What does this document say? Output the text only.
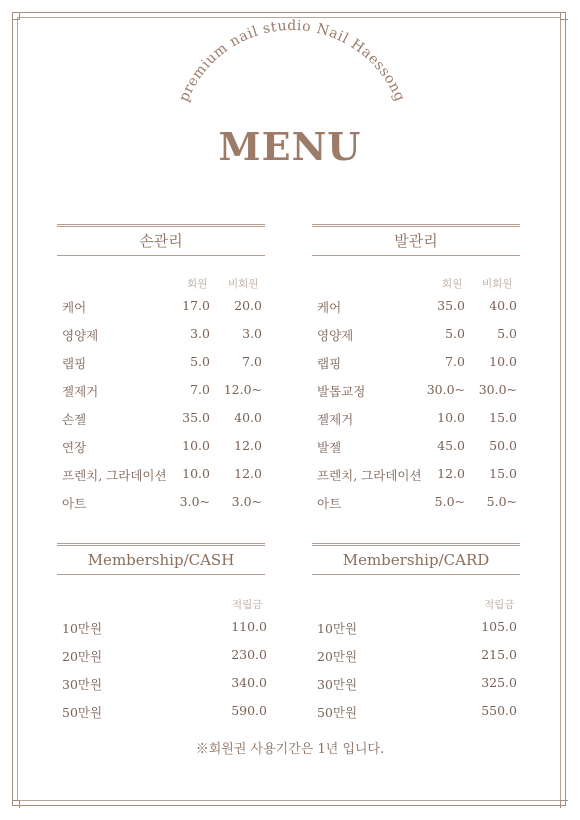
premium nail studio Nail Haessong
MENU
손관리
회원 비회원
케어	17.0 20.0
영양제	3.0	3.0
랩핑	5.0	7.0
젤제거	7.0 12.0~
손젤	35.0 40.0
연장	10.0 12.0
프렌치, 그라데이션 10.0 12.0
아트	3.0~ 3.0~
발관리
회원 비회원
케어	35.0 40.0
영양제	5.0	5.0
랩핑	7.0 10.0
발톱교정	30.0~ 30.0~
젤제거	10.0 15.0
발젤	45.0 50.0
프렌치, 그라데이션 12.0 15.0
아트	5.0~ 5.0~
Membership/CASH
적립금
10만원	110.0
20만원	230.0
30만원	340.0
50만원	590.0
Membership/CARD
적립금
10만원	105.0
20만원	215.0
30만원	325.0
50만원	550.0
※회원권 사용기간은 1년 입니다.
